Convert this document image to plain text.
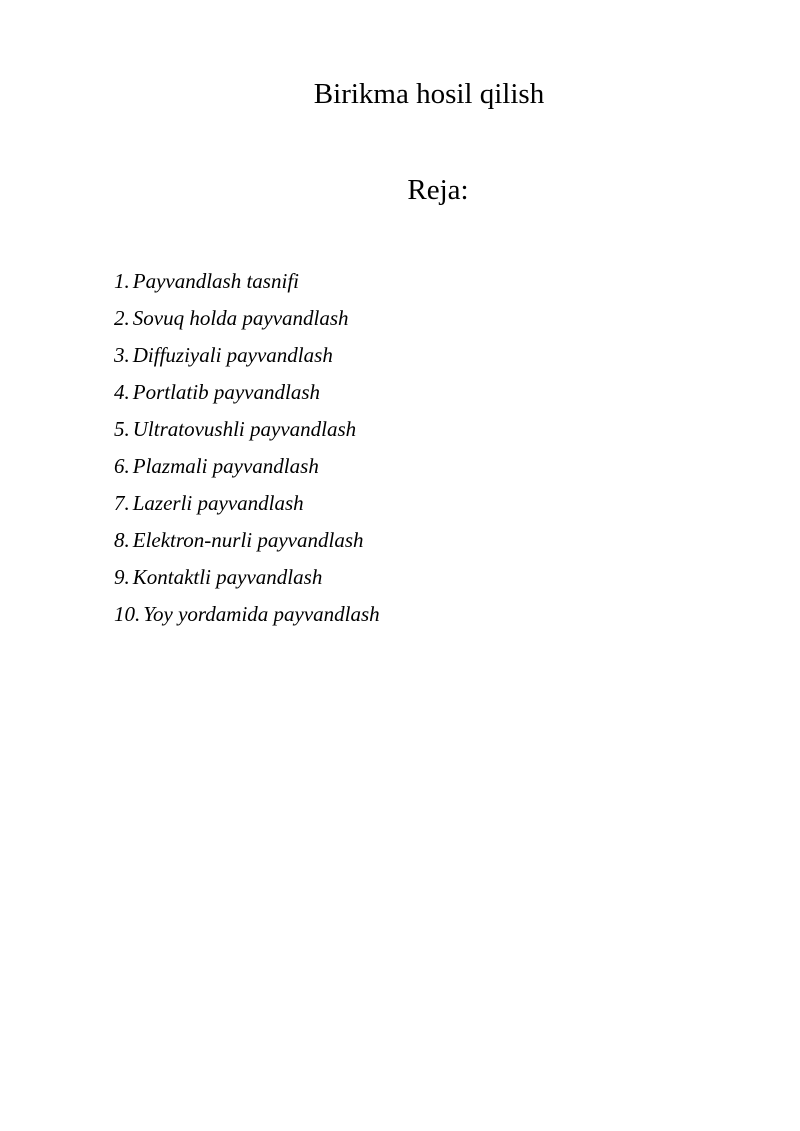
Birikma hosil qilish
Reja:
1. Payvandlash tasnifi
2. Sovuq holda payvandlash
3. Diffuziyali payvandlash
4. Portlatib payvandlash
5. Ultratovushli payvandlash
6. Plazmali payvandlash
7. Lazerli payvandlash
8. Elektron-nurli payvandlash
9. Kontaktli payvandlash
10. Yoy yordamida payvandlash
